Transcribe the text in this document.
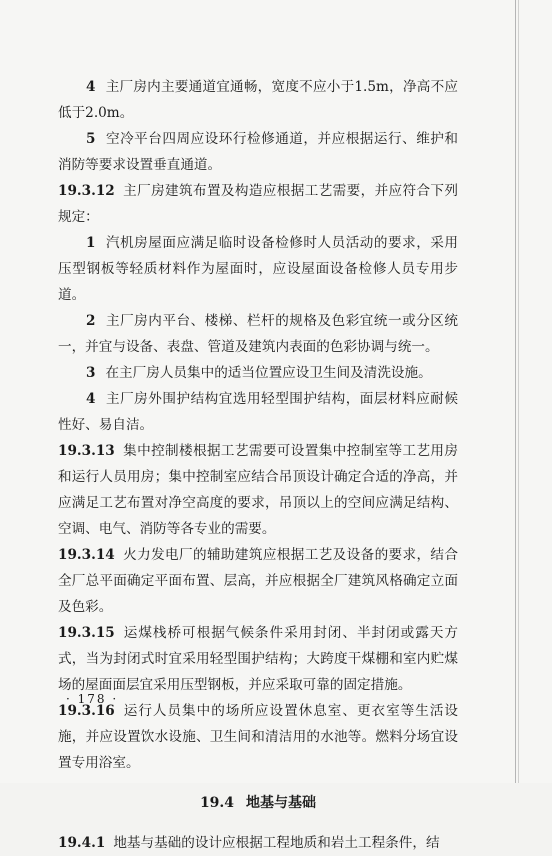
4 主厂房内主要通道宜通畅，宽度不应小于1.5m，净高不应低于2.0m。

5 空冷平台四周应设环行检修通道，并应根据运行、维护和消防等要求设置垂直通道。

19.3.12 主厂房建筑布置及构造应根据工艺需要，并应符合下列规定：

1 汽机房屋面应满足临时设备检修时人员活动的要求，采用压型钢板等轻质材料作为屋面时，应设屋面设备检修人员专用步道。

2 主厂房内平台、楼梯、栏杆的规格及色彩宜统一或分区统一，并宜与设备、表盘、管道及建筑内表面的色彩协调与统一。

3 在主厂房人员集中的适当位置应设卫生间及清洗设施。

4 主厂房外围护结构宜选用轻型围护结构，面层材料应耐候性好、易自洁。

19.3.13 集中控制楼根据工艺需要可设置集中控制室等工艺用房和运行人员用房；集中控制室应结合吊顶设计确定合适的净高，并应满足工艺布置对净空高度的要求，吊顶以上的空间应满足结构、空调、电气、消防等各专业的需要。

19.3.14 火力发电厂的辅助建筑应根据工艺及设备的要求，结合全厂总平面确定平面布置、层高，并应根据全厂建筑风格确定立面及色彩。

19.3.15 运煤栈桥可根据气候条件采用封闭、半封闭或露天方式，当为封闭式时宜采用轻型围护结构；大跨度干煤棚和室内贮煤场的屋面面层宜采用压型钢板，并应采取可靠的固定措施。

19.3.16 运行人员集中的场所应设置休息室、更衣室等生活设施，并应设置饮水设施、卫生间和清洁用的水池等。燃料分场宜设置专用浴室。

19.4 地基与基础

19.4.1 地基与基础的设计应根据工程地质和岩土工程条件，结

· 178 ·
